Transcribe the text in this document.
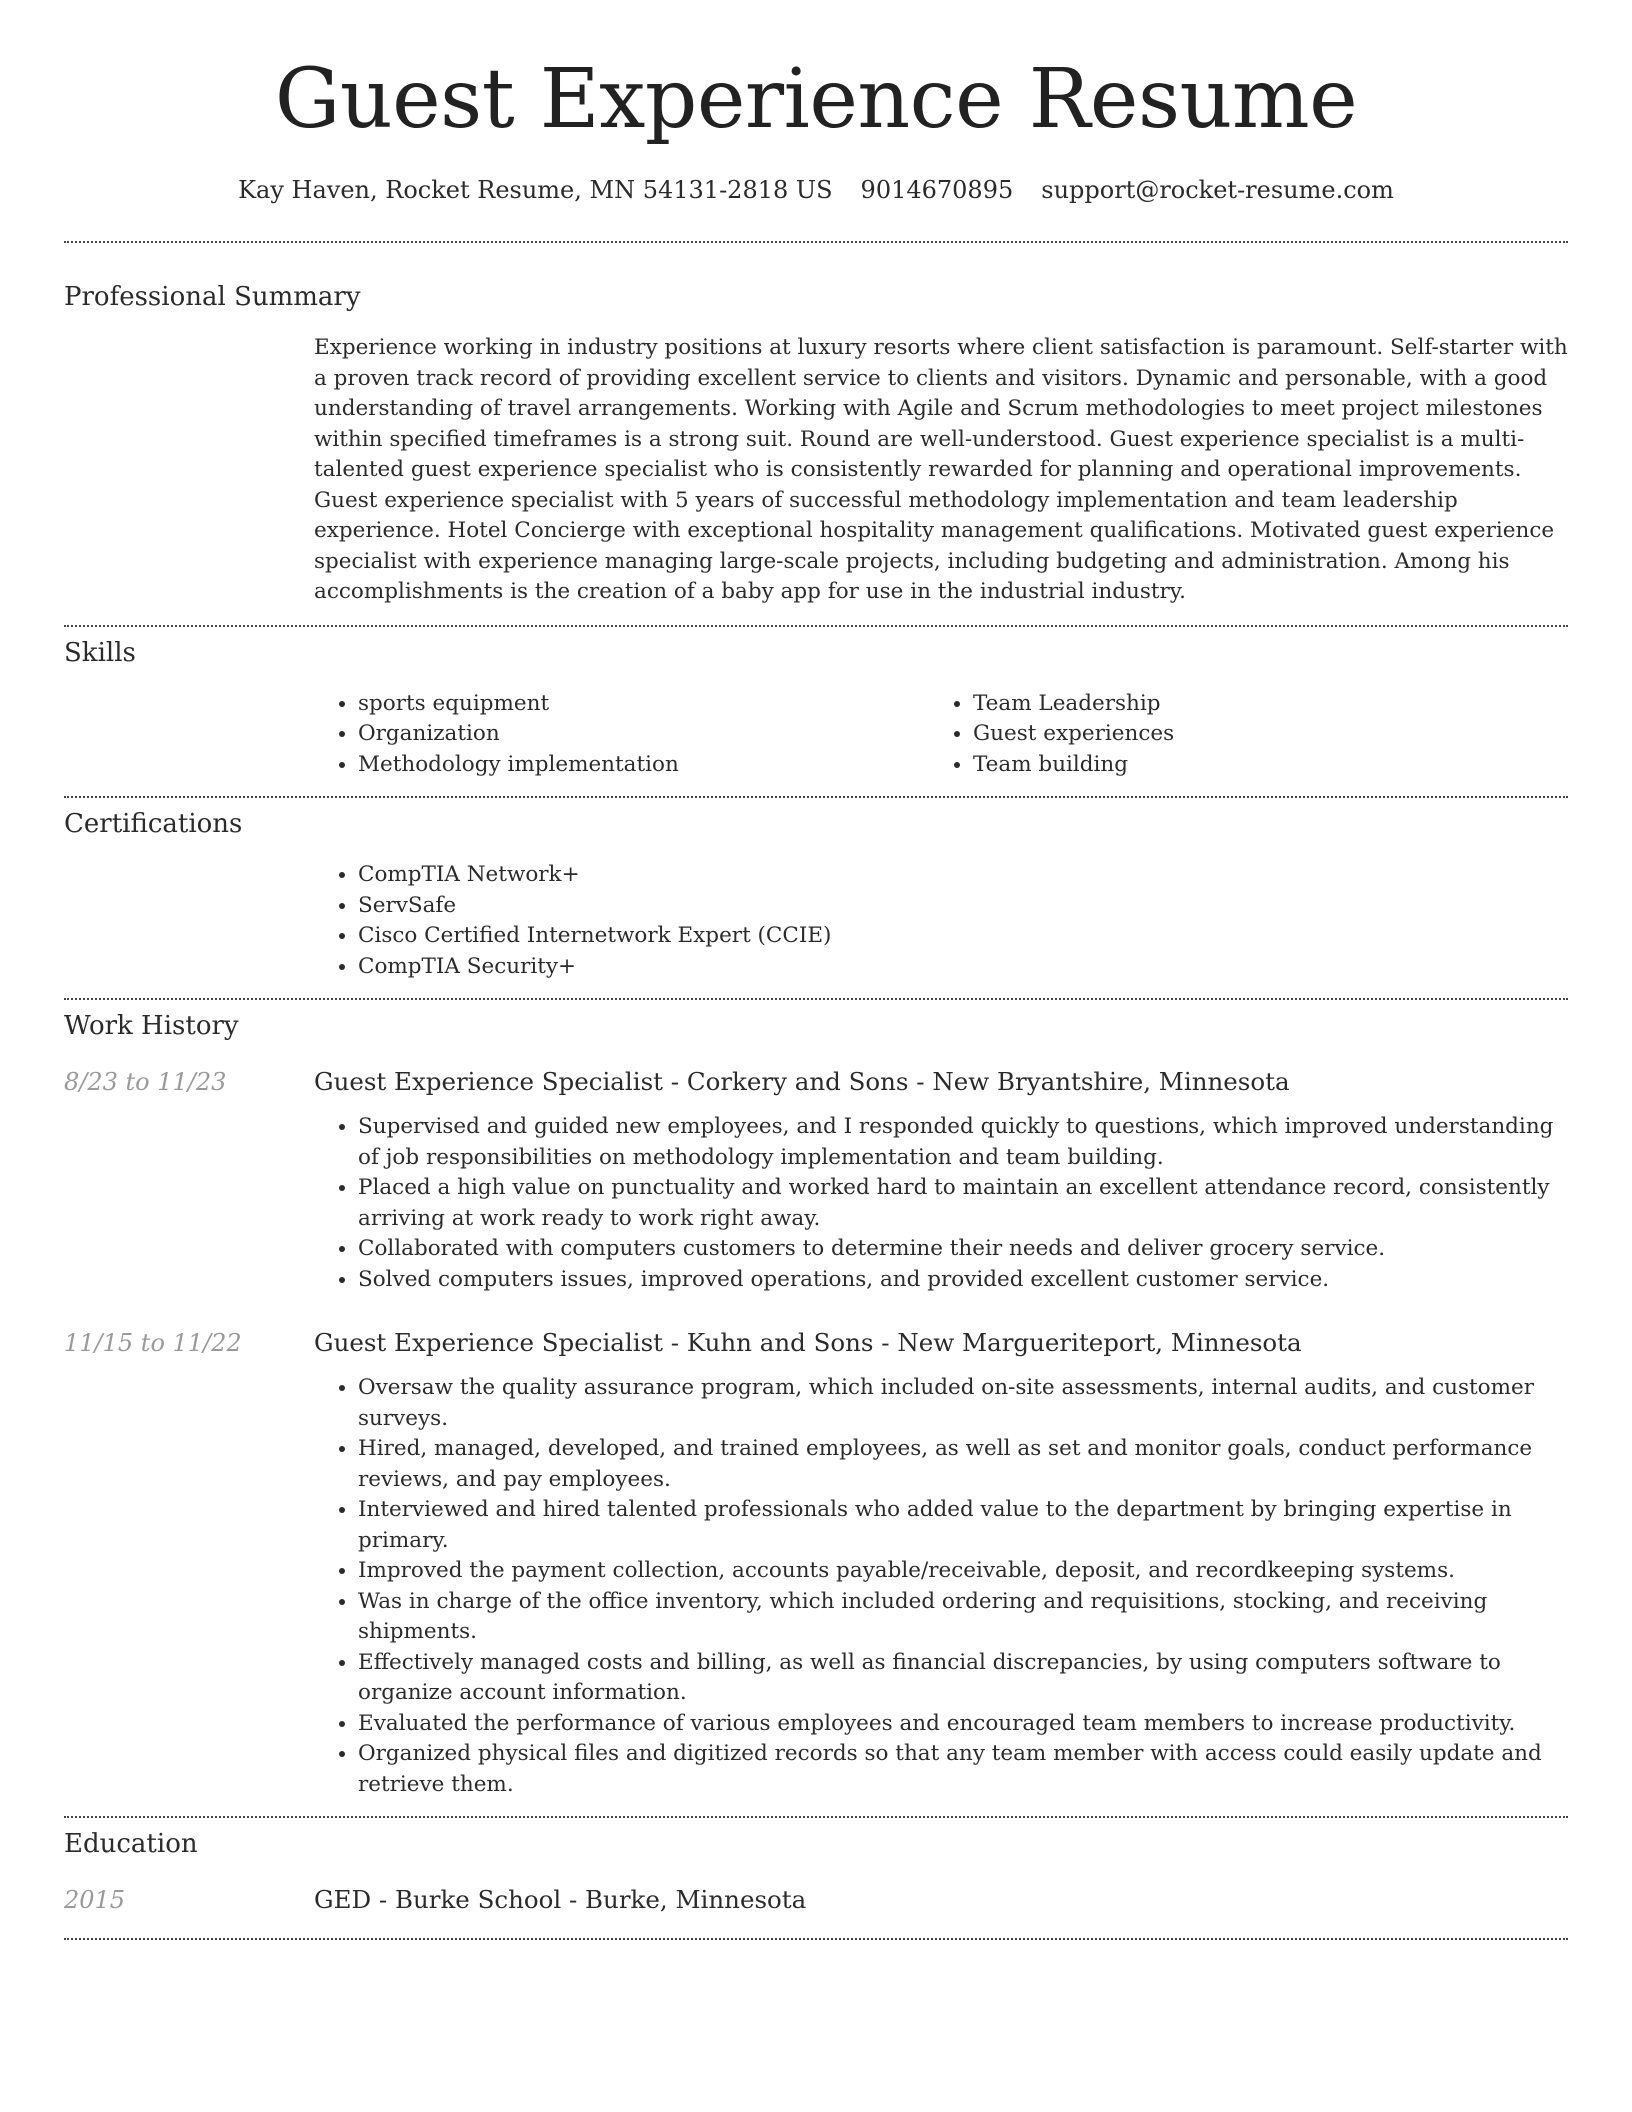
Guest Experience Resume
Kay Haven, Rocket Resume, MN 54131-2818 US 9014670895 support@rocket-resume.com
Professional Summary

Experience working in industry positions at luxury resorts where client satisfaction is paramount. Self-starter with a proven track record of providing excellent service to clients and visitors. Dynamic and personable, with a good understanding of travel arrangements. Working with Agile and Scrum methodologies to meet project milestones within specified timeframes is a strong suit. Round are well-understood. Guest experience specialist is a multi-talented guest experience specialist who is consistently rewarded for planning and operational improvements. Guest experience specialist with 5 years of successful methodology implementation and team leadership experience. Hotel Concierge with exceptional hospitality management qualifications. Motivated guest experience specialist with experience managing large-scale projects, including budgeting and administration. Among his accomplishments is the creation of a baby app for use in the industrial industry.

Skills
• sports equipment
• Organization
• Methodology implementation
• Team Leadership
• Guest experiences
• Team building
Certifications
• CompTIA Network+
• ServSafe
• Cisco Certified Internetwork Expert (CCIE)
• CompTIA Security+
Work History
8/23 to 11/23	Guest Experience Specialist - Corkery and Sons - New Bryantshire, Minnesota

• Supervised and guided new employees, and I responded quickly to questions, which improved understanding of job responsibilities on methodology implementation and team building.
• Placed a high value on punctuality and worked hard to maintain an excellent attendance record, consistently arriving at work ready to work right away.
• Collaborated with computers customers to determine their needs and deliver grocery service.
• Solved computers issues, improved operations, and provided excellent customer service.
11/15 to 11/22	Guest Experience Specialist - Kuhn and Sons - New Margueriteport, Minnesota

• Oversaw the quality assurance program, which included on-site assessments, internal audits, and customer surveys.
• Hired, managed, developed, and trained employees, as well as set and monitor goals, conduct performance reviews, and pay employees.
• Interviewed and hired talented professionals who added value to the department by bringing expertise in primary.
• Improved the payment collection, accounts payable/receivable, deposit, and recordkeeping systems.
• Was in charge of the office inventory, which included ordering and requisitions, stocking, and receiving shipments.
• Effectively managed costs and billing, as well as financial discrepancies, by using computers software to organize account information.
• Evaluated the performance of various employees and encouraged team members to increase productivity.
• Organized physical files and digitized records so that any team member with access could easily update and retrieve them.
Education
2015	GED - Burke School - Burke, Minnesota
